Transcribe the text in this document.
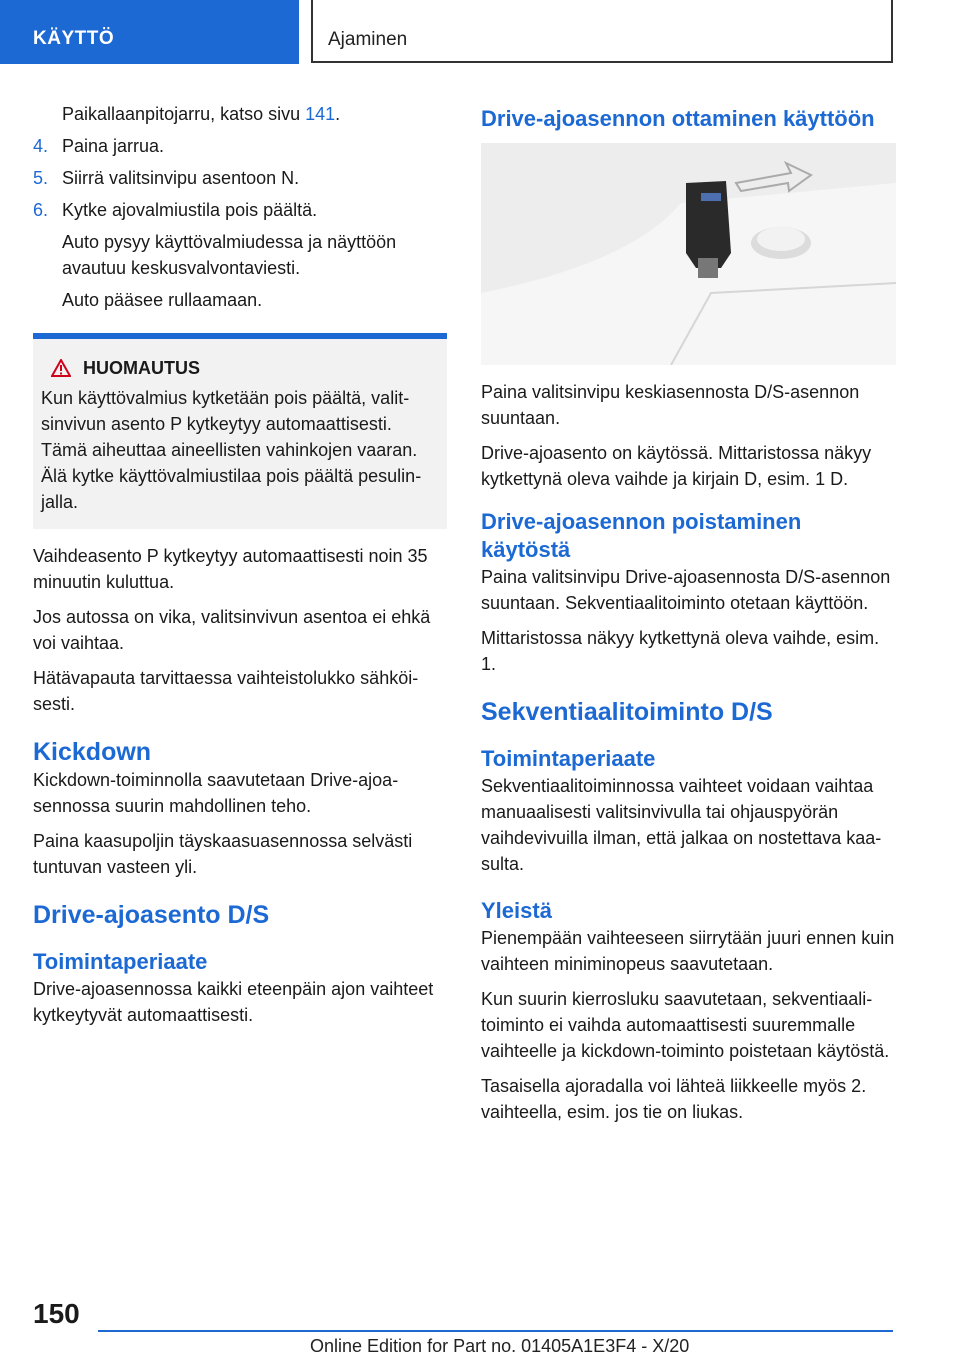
KÄYTTÖ	Ajaminen
Paikallaanpitojarru, katso sivu 141.
4. Paina jarrua.
5. Siirrä valitsinvipu asentoon N.
6. Kytke ajovalmiustila pois päältä.
Auto pysyy käyttövalmiudessa ja näyttöön avautuu keskusvalvontaviesti.
Auto pääsee rullaamaan.
HUOMAUTUS
Kun käyttövalmius kytketään pois päältä, valitsinvivun asento P kytkeytyy automaattisesti. Tämä aiheuttaa aineellisten vahinkojen vaaran. Älä kytke käyttövalmiustilaa pois päältä pesulinjalla.

Vaihdeasento P kytkeytyy automaattisesti noin 35 minuutin kuluttua.

Jos autossa on vika, valitsinvivun asentoa ei ehkä voi vaihtaa.

Hätävapauta tarvittaessa vaihteistolukko sähköisesti.

Kickdown

Kickdown-toiminnolla saavutetaan Drive-ajoasennossa suurin mahdollinen teho.

Paina kaasupoljin täyskaasuasennossa selvästi tuntuvan vasteen yli.

Drive-ajoasento D/S
Toimintaperiaate

Drive-ajoasennossa kaikki eteenpäin ajon vaihteet kytkeytyvät automaattisesti.

Drive-ajoasennon ottaminen käyttöön

Paina valitsinvipu keskiasennosta D/S-asennon suuntaan.

Drive-ajoasento on käytössä. Mittaristossa näkyy kytkettynä oleva vaihde ja kirjain D, esim. 1 D.

Drive-ajoasennon poistaminen käytöstä

Paina valitsinvipu Drive-ajoasennosta D/S-asennon suuntaan. Sekventiaalitoiminto otetaan käyttöön.

Mittaristossa näkyy kytkettynä oleva vaihde, esim. 1.

Sekventiaalitoiminto D/S
Toimintaperiaate

Sekventiaalitoiminnossa vaihteet voidaan vaihtaa manuaalisesti valitsinvivulla tai ohjauspyörän vaihdevivuilla ilman, että jalkaa on nostettava kaasulta.

Yleistä

Pienempään vaihteeseen siirrytään juuri ennen kuin vaihteen miniminopeus saavutetaan.

Kun suurin kierrosluku saavutetaan, sekventiaalitoiminto ei vaihda automaattisesti suuremmalle vaihteelle ja kickdown-toiminto poistetaan käytöstä.

Tasaisella ajoradalla voi lähteä liikkeelle myös 2. vaihteella, esim. jos tie on liukas.

150
Online Edition for Part no. 01405A1E3F4 - X/20
